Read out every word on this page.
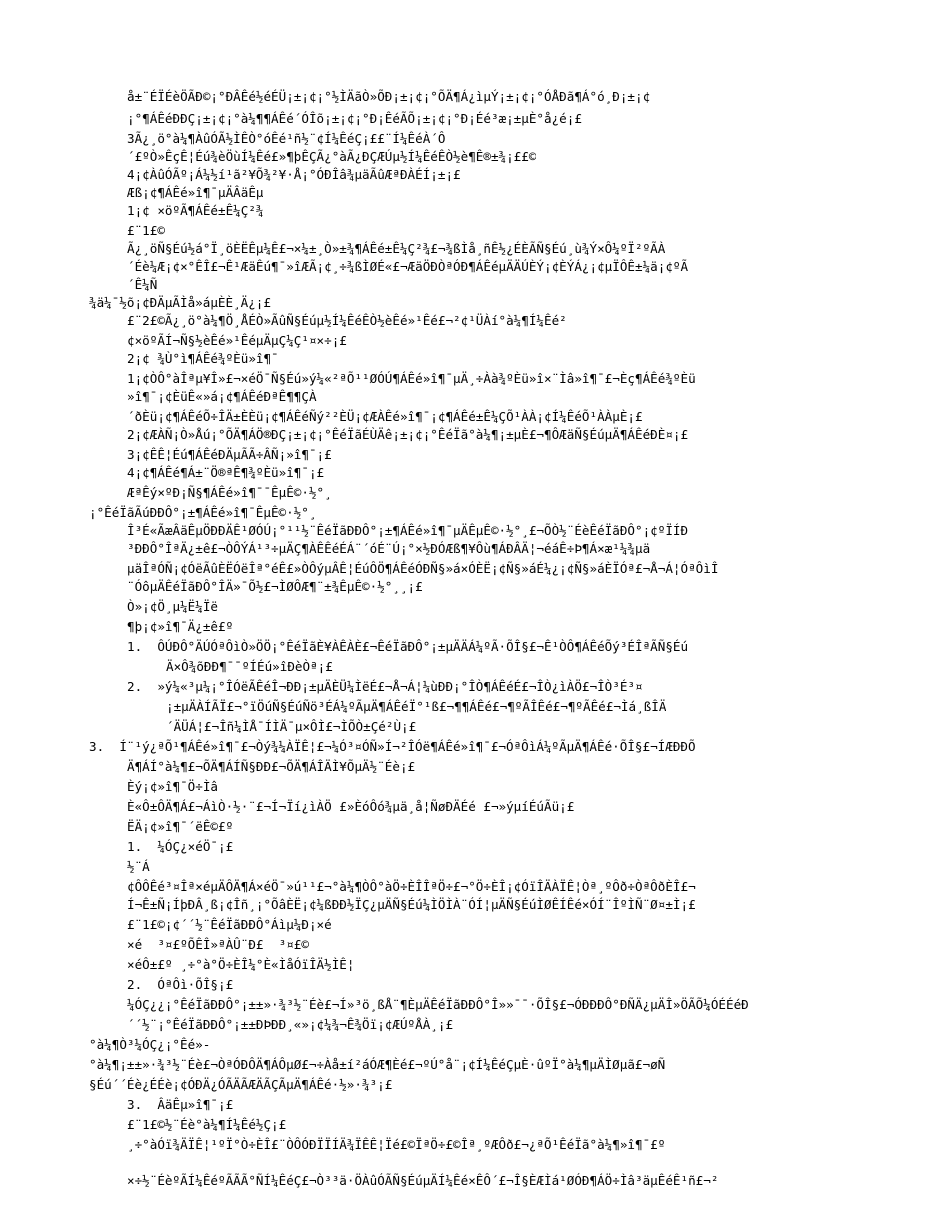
å±¨ÉÏÉèÖÃÐ©¡°ÐÂÊé½éÉÜ¡±¡¢¡°½ÌÄãÒ»ÕÐ¡±¡¢¡°ÕÄ¶Á¿ìµÝ¡±¡¢¡°ÓÅÐã¶Á°ó¸Ð¡±¡¢
¡°¶ÁÊéÐÐÇ¡±¡¢¡°à¼¶¶ÁÊé´ÓÎõ¡±¡¢¡°Ð¡ÊéÃÕ¡±¡¢¡°Ð¡Éé³æ¡±µÈ°å¿é¡£
3Ã¿¸ö°à¼¶ÀûÓÃ½ÌÊÒ°óÊé¹ñ½¨¢Í¼ÊéÇ¡££¨Í¼ÊéÀ´Ô
´£ºÒ»ÊçÊ¦Éú¾èÖùÍ¼Êé£»¶þÊÇÃ¿°àÃ¿ÐÇÆÚµ½Í¼ÊéÊÒ½è¶Ê®±¾¡££©
4¡¢ÀûÓÃº¡Á¼½í¹ã²¥Õ¾²¥·Å¡°ÓÐÎâ¾µäÃûÆªÐÀÉÍ¡±¡£
Æß¡¢¶ÁÊé»î¶¯µÄÂäÊµ
1¡¢ ×öºÃ¶ÁÊé±Ê¼Ç²¾
£¨1£©
Ã¿¸öÑ§Éú½á°Ï¸öÈËÊµ¼Ê£¬×¼±¸Ò»±¾¶ÁÊé±Ê¼Ç²¾£¬¾ßÌå¸ñÊ½¿ÉÈÃÑ§Éú¸ù¾Ý×Ô¼ºÏ²ºÃÀ
´Éè¼Æ¡¢×°ÊÎ£¬Ê¹ÆäÊú¶¯»îÆÃ¡¢¸÷¾ßÌØÉ«£¬ÆäÖÐÒªÓÐ¶ÁÊéµÄÄÚÈÝ¡¢ÈÝÁ¿¡¢µÏÔÊ±¼ä¡¢ºÃ
´Ê¼Ñ
¾ä¼¯½õ¡¢ÐÄµÃÌå»áµÈÈ¸Ä¿¡£
£¨2£©Ã¿¸ö°à¼¶Ö¸ÅÉÒ»ÃûÑ§Éúµ½Í¼ÊéÊÒ½èÊé»¹Êé£¬²¢¹ÜÀí°à¼¶Í¼Êé²
¢×öºÃÍ¬Ñ§½èÊé»¹ÊéµÄµÇ¼Ç¹¤×÷¡£
2¡¢ ¾Ù°ì¶ÁÊé¾ºÈü»î¶¯
1¡¢ÒÔ°àÎªµ¥Î»£¬×éÖ¯Ñ§Éú»ý¼«²ªÕ¹¹ØÓÚ¶ÁÊé»î¶¯µÄ¸÷Àà¾ºÈü»î×¨Ìâ»î¶¯£¬Èç¶ÁÊé¾ºÈü
»î¶¯¡¢ÈüÊ«»á¡¢¶ÁÊéÐªÊ¶¶ÇÀ
´ðÈü¡¢¶ÁÊéÕ÷ÎÄ±ÈÈü¡¢¶ÁÊéÑý²²ÈÜ¡¢ÆÀÊé»î¶¯¡¢¶ÁÊé±Ê¼ÇÕ¹ÀÀ¡¢Í¼ÊéÕ¹ÀÀµÈ¡£
2¡¢ÆÀÑ¡Ò»Åú¡°ÕÄ¶ÁÖ®ÐÇ¡±¡¢¡°ÊéÏãÉÙÄê¡±¡¢¡°ÊéÏã°à¼¶¡±µÈ£¬¶ÔÆäÑ§ÉúµÄ¶ÁÊéÐÈ¤¡£
3¡¢ÊÊ¦Éú¶ÁÊéÐÄµÃÃ÷ÂÑ¡»î¶¯¡£
4¡¢¶ÁÊé¶Á±¨Ö®ªÊ¶¾ºÈü»î¶¯¡£
ÆªÊý×ºÐ¡Ñ§¶ÁÊé»î¶¯¯ÊµÊ©·½°¸
¡°ÊéÏãÃúÐÐÔ°¡±¶ÁÊé»î¶¯ÊµÊ©·½°¸
Î³É«ÃæÂäÊµÖÐÐÄÊ¹ØÓÚ¡°¹¹½¨ÊéÏãÐÐÔ°¡±¶ÁÊé»î¶¯µÄÊµÊ©·½°¸£¬ÕÒ½¨ÉèÊéÏãÐÔ°¡¢ºÏÍÐ
³ÐÐÔ°ÎªÄ¿±ê£¬ÒÔÝÁ¹³÷µÄÇ¶ÀÊÊéÉÁ¨´óÉ¨Ú¡°×½ÐÓÆß¶¥Ôù¶ÁÐÂÄ¦¬éáÊ÷Þ¶Á×æ¹¼¾µä
µäÎªÓÑ¡¢ÓëÃûÈËÓëÎª°éÊ£»ÒÔýµÂÊ¦ÉúÔÖ¶ÁÊéÓÐÑ§»á×ÓÈË¡¢Ñ§»áÉ¼¿¡¢Ñ§»áÈÏÓª£¬Å¬Á¦ÓªÔìÎ
¨ÓôµÄÊéÏãÐÔ°ÎÄ»¯Õ½£¬ÌØÔÆ¶¨±¾ÊµÊ©·½°¸¸¡£
Ò»¡¢Ö¸µ¼Ë¼Ïë
¶þ¡¢»î¶¯Ä¿±ê£º
1.  ÔÚÐÔ°ÄÚÓªÔìÒ»ÖÖ¡°ÊéÏãÈ¥ÀÊÀÈ£¬ÊéÏãÐÔ°¡±µÄÄÁ¼ºÃ·ÕÎ§£¬Ê¹ÒÔ¶ÁÊéÕý³ÉÎªÃÑ§Éú
Ä×Ô¾õÐÐ¶¯¯ºÍÉú»îÐèÒª¡£
2.  »ý¼«³µ¼¡°ÎÓëÃÊéÎ¬ÐÐ¡±µÄÈÜ¼ÌëÉ£¬Å¬Á¦¼ùÐÐ¡°ÎÒ¶ÁÊéÉ£¬ÎÒ¿ìÀÖ£¬ÎÒ³É³¤
¡±µÄÀÍÃÏ£¬°ïÖúÑ§ÉúÑö³ÉÁ¼ºÃµÄ¶ÁÊéÏ°¹ß£¬¶¶ÁÊé£¬¶ºÃÎÊé£¬¶ºÃÊé£¬Ìá¸ßÎÄ
´ÄÜÁ¦£¬Îñ¼ÌÅ¯ÍÌÄ¯µ×ÔÌ£¬ÌÕÒ±Çé²Ù¡£
3.  Í¨¹ý¿ªÕ¹¶ÁÊé»î¶¯£¬Òý¾¼ÀÏÊ¦£¬¼Ó³¤ÓÑ»Í¬²ÎÓë¶ÁÊé»î¶¯£¬ÓªÔìÁ¼ºÃµÄ¶ÁÊé·ÕÎ§£¬ÍÆÐÐÕ
Ä¶ÁÍ°à¼¶£¬ÕÄ¶ÁÍÑ§ÐÐ£¬ÕÄ¶ÁÎÄÌ¥ÕµÄ½¨Éè¡£
Èý¡¢»î¶¯Ö÷Ìâ
È«Ô±ÔÄ¶Á£¬ÁìÒ·½·¨£¬Í¬Ïí¿ìÀÖ £»ÈóÔó¾µä¸å¦ÑøÐÄÉé £¬»ýµíÉúÃü¡£
ËÄ¡¢»î¶¯´ëÊ©£º
1.  ¼ÓÇ¿×éÖ¯¡£
½¨Á
¢ÔÔÊé³¤Îª×éµÄÔÄ¶Á×éÖ¯»ú¹¹£¬°à¼¶ÒÔ°àÖ÷ÈÎÎªÖ÷£¬°Ö÷ÈÎ¡¢ÓïÎÄÀÏÊ¦Òª¸ºÔð÷ÒªÔðÈÎ£¬
Í¬Ê±Ñ¡ÍþÐÂ¸ß¡¢Îñ¸¡°ÕâÈË¡¢¼ßÐÐ½ÏÇ¿µÄÑ§Éú¼ÌÖÌÀ¨ÓÍ¦µÄÑ§ÉúÌØÊÍÊé×ÓÍ¨ÎºÌÑ¨Ø¤±Ì¡£
£¨1£©¡¢´´½¨ÊéÏãÐÐÔ°Áìµ¼Ð¡×é
×é  ³¤£ºÕÊÎ»ªÀÛ¨Ð£  ³¤£©
×éÔ±£º ¸÷°à°Ö÷ÈÎ¼°È«ÌåÓïÎÄ½ÌÊ¦
2.  ÓªÔì·ÕÎ§¡£
¼ÓÇ¿¿¡°ÊéÏãÐÐÔ°¡±±»·¾³½¨Éè£¬Í»³ö¸ßÅ¨¶ÈµÄÊéÏãÐÐÔ°Î»»¯¯·ÕÎ§£¬ÓÐÐÐÔ°ÐÑÄ¿µÄÎ»ÖÃÕ¼ÓÉÉéÐ
´´½¨¡°ÊéÏãÐÐÔ°¡±±ÐÞÐÐ¸«»¡¢¼¾¬Ê¾Öï¡¢ÆÚºÅÀ¸¡£
°à¼¶Ò³¼ÓÇ¿¡°Êé»-
°à¼¶¡±±»·¾³½¨Éè£¬ÒªÓÐÔÄ¶ÁÔµØ£¬÷Àå±í²áÓÆ¶Èé£¬ºÚ°å¨¡¢Í¼ÊéÇµÈ·ûºÏ°à¼¶µÄÌØµã£¬øÑ
§Éú´´Éè¿ÉÉè¡¢ÓÐÄ¿ÓÃÄÃÆÄÃÇÃµÄ¶ÁÊé·½»·¾³¡£
3.  ÂäÊµ»î¶¯¡£
£¨1£©½¨Éè°à¼¶Í¼Êé½Ç¡£
¸÷°àÓï¾ÄÏÊ¦¹ºÏ°Ò÷ÈÎ£¨ÒÔÓÐÏÏÍÄ¾ÏÊÊ¦Ïé£©ÏªÖ÷£©Îª¸ºÆÔð£¬¿ªÕ¹ÊéÏã°à¼¶»î¶¯£º
×÷½¨ÉèºÃÍ¼ÊéºÃÃÃ°ÑÍ¼ÊéÇ£¬Ò³³ä·ÖÀûÓÃÑ§ÉúµÄÍ¼Êé×ÊÔ´£¬Î§ÈÆÌá¹ØÓÐ¶ÁÖ÷Ìâ³äµÊéÊ¹ñ£¬²
